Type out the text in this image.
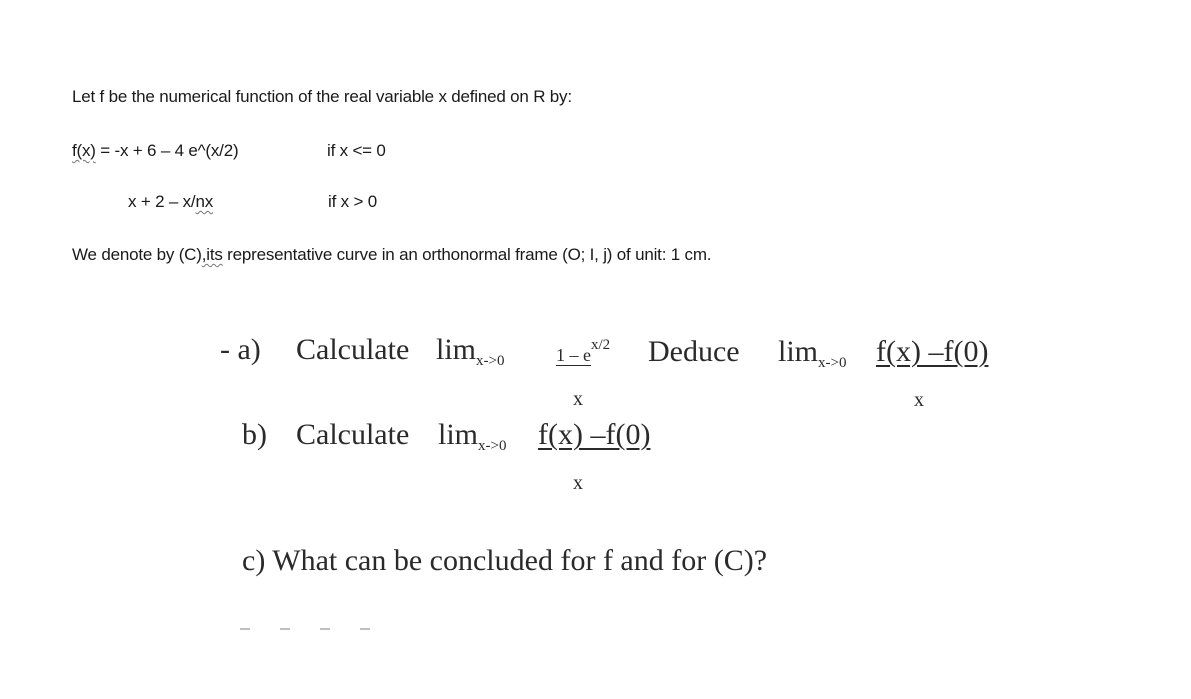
Let f be the numerical function of the real variable x defined on R by:
f(x) = -x + 6 – 4 e^(x/2)	if x <= 0
x + 2 – x/nx	if x > 0
We denote by (C),its representative curve in an orthonormal frame (O; I, j) of unit: 1 cm.
- a) Calculate $\lim_{x->0}$	$1 - e^{x/2}$
x
Deduce $\lim_{x->0} f(x)$ –f(0)
x
b) Calculate $\lim_{x->0} f(x)$ –f(0)
x
c) What can be concluded for f and for (C)?
